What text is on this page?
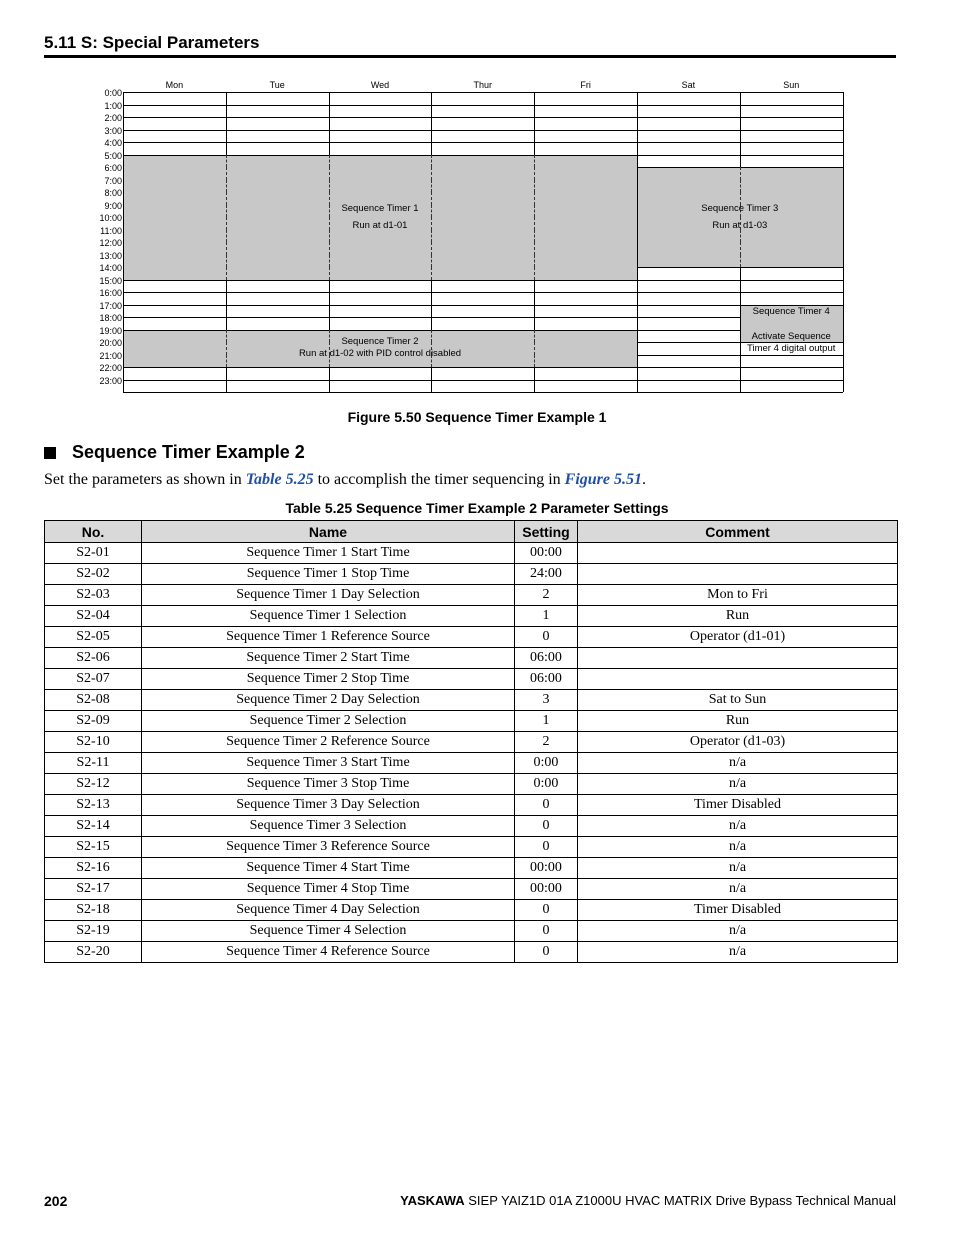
5.11 S: Special Parameters
Mon	Tue	Wed	Thur	Fri	Sat	Sun
0:00
1:00
2:00
3:00
4:00
5:00
6:00
7:00
8:00
9:00
10:00
11:00
12:00
13:00
14:00
15:00
16:00
17:00
18:00
19:00
20:00
21:00
22:00
23:00
Sequence Timer 1
Run at d1-01
Sequence Timer 3
Run at d1-03
Sequence Timer 2
Run at d1-02 with PID control disabled
Sequence Timer 4
Activate Sequence
Timer 4 digital output
Figure 5.50 Sequence Timer Example 1
Sequence Timer Example 2
Set the parameters as shown in Table 5.25 to accomplish the timer sequencing in Figure 5.51.
Table 5.25 Sequence Timer Example 2 Parameter Settings
No.	Name	Setting	Comment
S2-01	Sequence Timer 1 Start Time	00:00	
S2-02	Sequence Timer 1 Stop Time	24:00	
S2-03	Sequence Timer 1 Day Selection	2	Mon to Fri
S2-04	Sequence Timer 1 Selection	1	Run
S2-05	Sequence Timer 1 Reference Source	0	Operator (d1-01)
S2-06	Sequence Timer 2 Start Time	06:00	
S2-07	Sequence Timer 2 Stop Time	06:00	
S2-08	Sequence Timer 2 Day Selection	3	Sat to Sun
S2-09	Sequence Timer 2 Selection	1	Run
S2-10	Sequence Timer 2 Reference Source	2	Operator (d1-03)
S2-11	Sequence Timer 3 Start Time	0:00	n/a
S2-12	Sequence Timer 3 Stop Time	0:00	n/a
S2-13	Sequence Timer 3 Day Selection	0	Timer Disabled
S2-14	Sequence Timer 3 Selection	0	n/a
S2-15	Sequence Timer 3 Reference Source	0	n/a
S2-16	Sequence Timer 4 Start Time	00:00	n/a
S2-17	Sequence Timer 4 Stop Time	00:00	n/a
S2-18	Sequence Timer 4 Day Selection	0	Timer Disabled
S2-19	Sequence Timer 4 Selection	0	n/a
S2-20	Sequence Timer 4 Reference Source	0	n/a
202	YASKAWA SIEP YAIZ1D 01A Z1000U HVAC MATRIX Drive Bypass Technical Manual
